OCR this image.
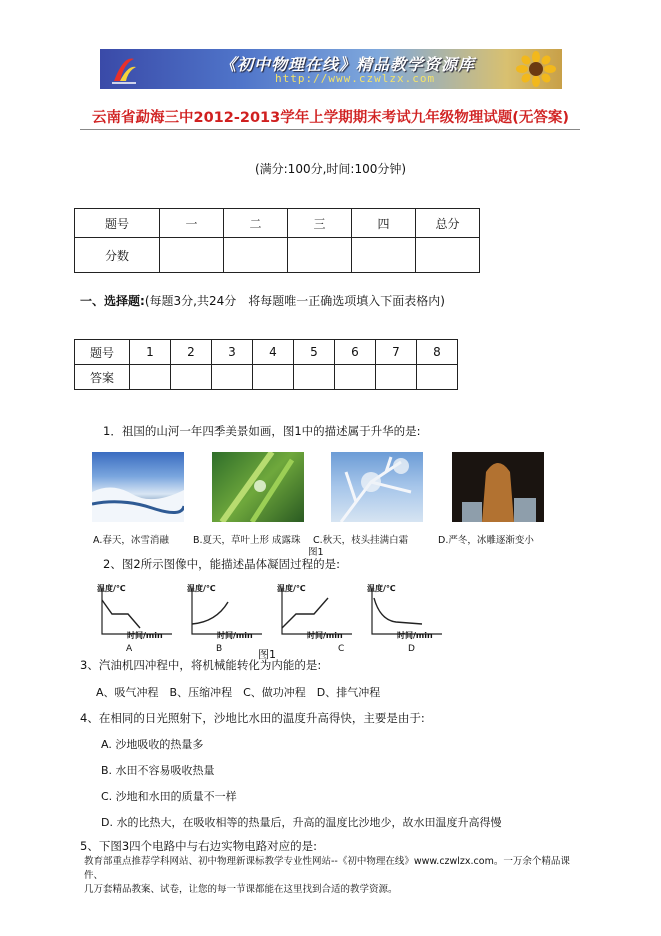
《初中物理在线》精品教学资源库
http://www.czwlzx.com
云南省勐海三中2012-2013学年上学期期末考试九年级物理试题(无答案)
(满分:100分,时间:100分钟)
题号	一	二	三	四	总分
分数					
一、选择题:(每题3分,共24分　将每题唯一正确选项填入下面表格内)
题号	1	2	3	4	5	6	7	8
答案								
1．祖国的山河一年四季美景如画，图1中的描述属于升华的是:
A.春天，冰雪消融	B.夏天，草叶上形 成露珠 C.秋天，枝头挂满白霜	D.严冬，冰雕逐渐变小
图1
2、图2所示图像中，能描述晶体凝固过程的是:
温度/℃	温度/℃	温度/℃	温度/℃
时间/min	时间/min	时间/min	时间/min
A	B	C	D
图1
3、汽油机四冲程中，将机械能转化为内能的是:
A、吸气冲程　B、压缩冲程　C、做功冲程　D、排气冲程
4、在相同的日光照射下，沙地比水田的温度升高得快，主要是由于:
A. 沙地吸收的热量多
B. 水田不容易吸收热量
C. 沙地和水田的质量不一样
D. 水的比热大，在吸收相等的热量后，升高的温度比沙地少，故水田温度升高得慢
5、下图3四个电路中与右边实物电路对应的是:
教育部重点推荐学科网站、初中物理新课标教学专业性网站--《初中物理在线》www.czwlzx.com。一万余个精品课件、
几万套精品教案、试卷，让您的每一节课都能在这里找到合适的教学资源。
